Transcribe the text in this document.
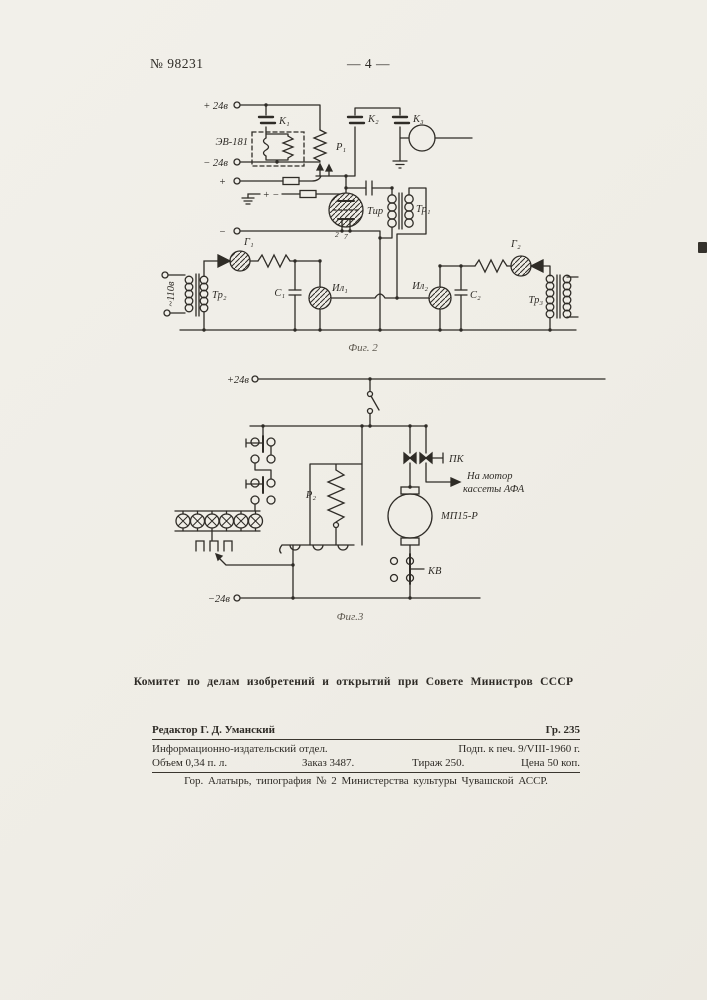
№ 98231	— 4 —
+ 24в
− 24в
ЭВ-181
К₁
Р₁
К₂	К₃
+
−
+ −
Тир
2 7
Тр₁
~110в	Тр₂
Г₁
С₁	Ил₁	Ил₂
С₂
Г₂
Тр₃
Фиг. 2
+24в
ПК
На мотор
кассеты АФА
Р₂
МП15-Р
КВ
−24в
Фиг.3
Комитет по делам изобретений и открытий при Совете Министров СССР
Редактор Г. Д. Уманский	Гр. 235
Информационно-издательский отдел.	Подп. к печ. 9/VIII-1960 г.
Объем 0,34 п. л.	Заказ 3487.	Тираж 250.	Цена 50 коп.
Гор. Алатырь, типография № 2 Министерства культуры Чувашской АССР.
